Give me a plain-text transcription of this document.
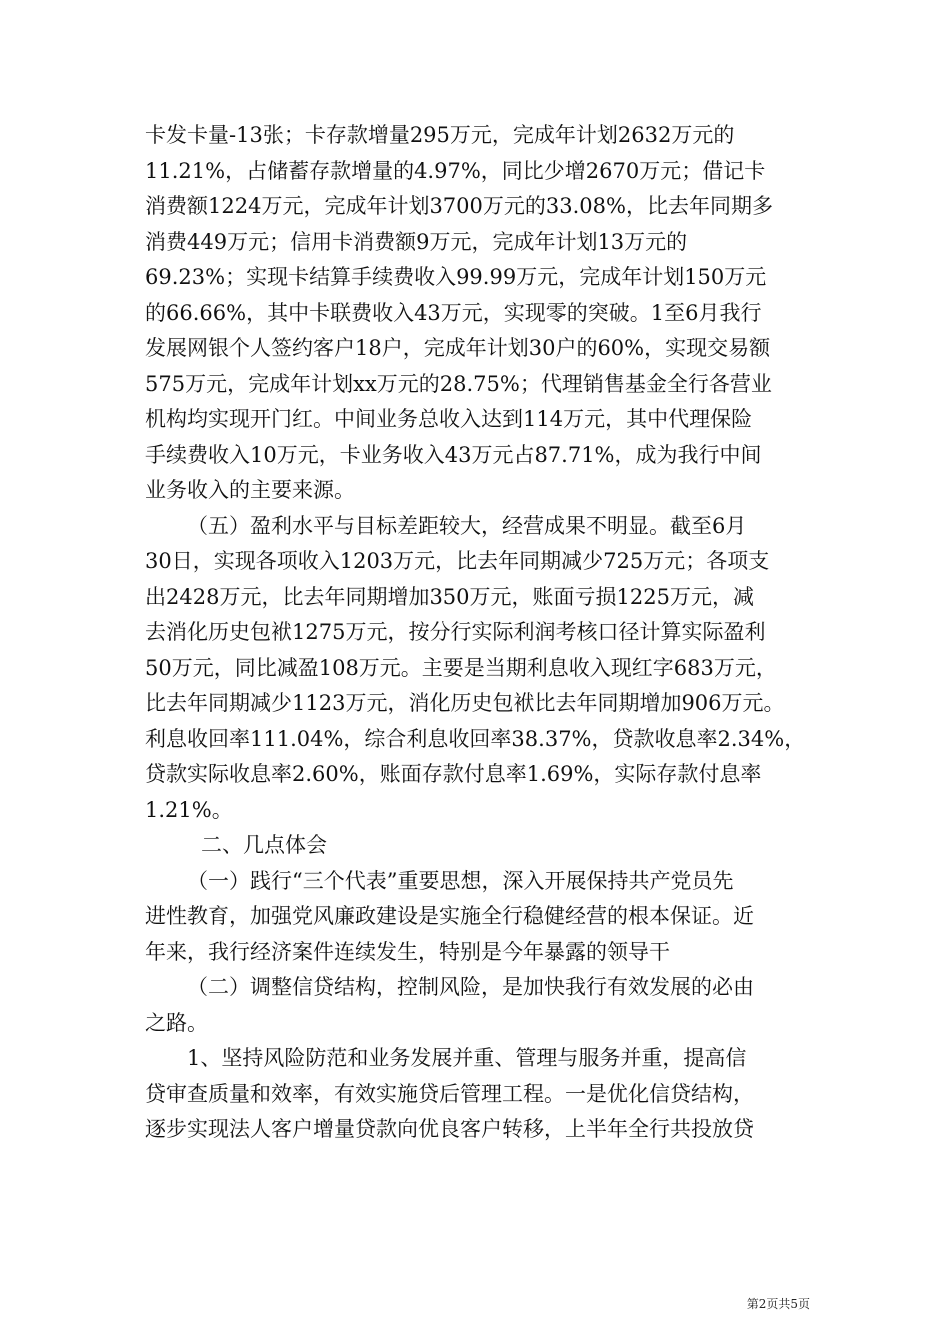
卡发卡量-13张；卡存款增量295万元，完成年计划2632万元的
11.21%，占储蓄存款增量的4.97%，同比少增2670万元；借记卡
消费额1224万元，完成年计划3700万元的33.08%，比去年同期多
消费449万元；信用卡消费额9万元，完成年计划13万元的
69.23%；实现卡结算手续费收入99.99万元，完成年计划150万元
的66.66%，其中卡联费收入43万元，实现零的突破。1至6月我行
发展网银个人签约客户18户，完成年计划30户的60%，实现交易额
575万元，完成年计划xx万元的28.75%；代理销售基金全行各营业
机构均实现开门红。中间业务总收入达到114万元，其中代理保险
手续费收入10万元，卡业务收入43万元占87.71%，成为我行中间
业务收入的主要来源。
（五）盈利水平与目标差距较大，经营成果不明显。截至6月
30日，实现各项收入1203万元，比去年同期减少725万元；各项支
出2428万元，比去年同期增加350万元，账面亏损1225万元，减
去消化历史包袱1275万元，按分行实际利润考核口径计算实际盈利
50万元，同比减盈108万元。主要是当期利息收入现红字683万元，
比去年同期减少1123万元，消化历史包袱比去年同期增加906万元。
利息收回率111.04%，综合利息收回率38.37%，贷款收息率2.34%，
贷款实际收息率2.60%，账面存款付息率1.69%，实际存款付息率
1.21%。
二、几点体会
（一）践行“三个代表”重要思想，深入开展保持共产党员先
进性教育，加强党风廉政建设是实施全行稳健经营的根本保证。近
年来，我行经济案件连续发生，特别是今年暴露的领导干
（二）调整信贷结构，控制风险，是加快我行有效发展的必由
之路。
1、坚持风险防范和业务发展并重、管理与服务并重，提高信
贷审查质量和效率，有效实施贷后管理工程。一是优化信贷结构，
逐步实现法人客户增量贷款向优良客户转移，上半年全行共投放贷
第2页共5页
